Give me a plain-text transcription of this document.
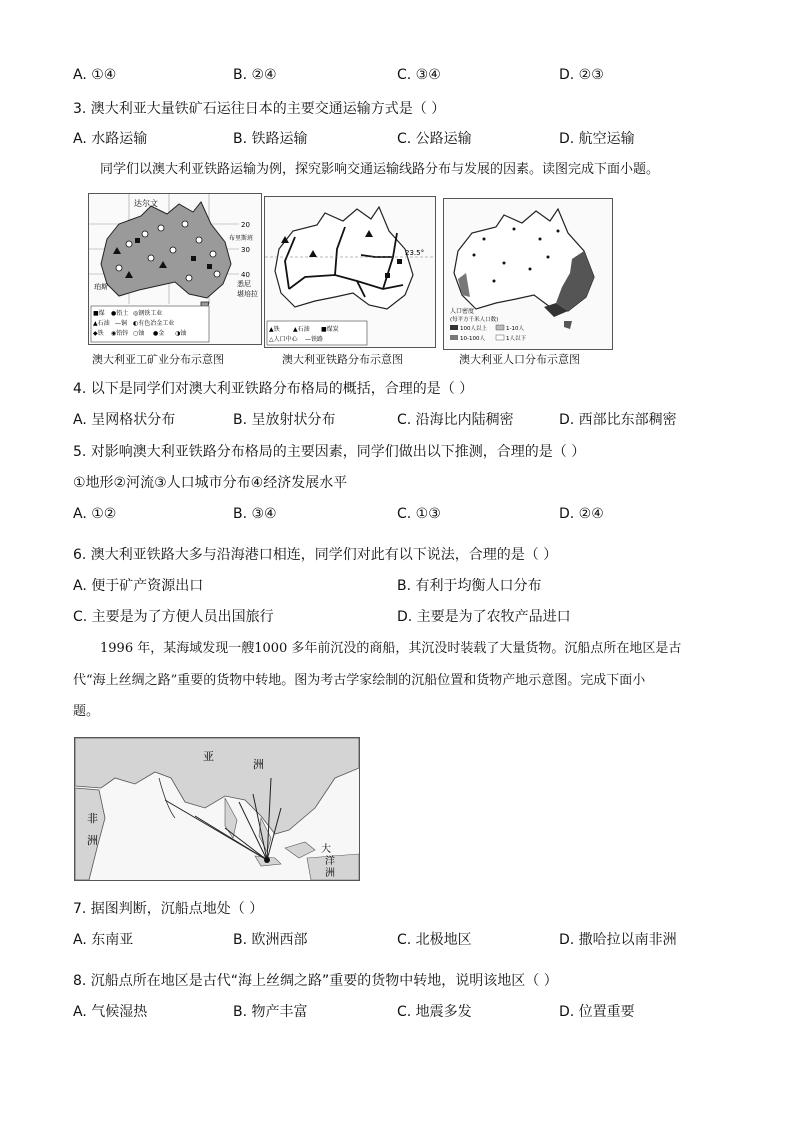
A. ①④	B. ②④	C. ③④	D. ②③
3. 澳大利亚大量铁矿石运往日本的主要交通运输方式是（ ）
A. 水路运输	B. 铁路运输	C. 公路运输	D. 航空运输
同学们以澳大利亚铁路运输为例，探究影响交通运输线路分布与发展的因素。读图完成下面小题。
达尔文
珀斯	悉尼
堪培拉
布里斯班
20
30
40
■煤 ●铅土 ◎钢铁工业
▲石油 —铜 ◐有色冶金工业
◆铁 ◉铅锌 ○铀 ●金 ◑铀
澳大利亚工矿业分布示意图
23.5°
▲铁 ▲石油 ■煤炭
△人口中心 —铁路
澳大利亚铁路分布示意图
人口密度
(每平方千米人口数)
100人以上	1-10人
10-100人	1人以下
澳大利亚人口分布示意图
4. 以下是同学们对澳大利亚铁路分布格局的概括，合理的是（ ）
A. 呈网格状分布	B. 呈放射状分布	C. 沿海比内陆稠密	D. 西部比东部稠密
5. 对影响澳大利亚铁路分布格局的主要因素，同学们做出以下推测，合理的是（ ）
①地形②河流③人口城市分布④经济发展水平
A. ①②	B. ③④	C. ①③	D. ②④
6. 澳大利亚铁路大多与沿海港口相连，同学们对此有以下说法，合理的是（ ）
A. 便于矿产资源出口	B. 有利于均衡人口分布
C. 主要是为了方便人员出国旅行	D. 主要是为了农牧产品进口
1996 年，某海域发现一艘1000 多年前沉没的商船，其沉没时装载了大量货物。沉船点所在地区是古
代“海上丝绸之路”重要的货物中转地。图为考古学家绘制的沉船位置和货物产地示意图。完成下面小
题。
亚
洲
非
洲
大
洋
洲
7. 据图判断，沉船点地处（ ）
A. 东南亚	B. 欧洲西部	C. 北极地区	D. 撒哈拉以南非洲
8. 沉船点所在地区是古代“海上丝绸之路”重要的货物中转地，说明该地区（ ）
A. 气候湿热	B. 物产丰富	C. 地震多发	D. 位置重要
